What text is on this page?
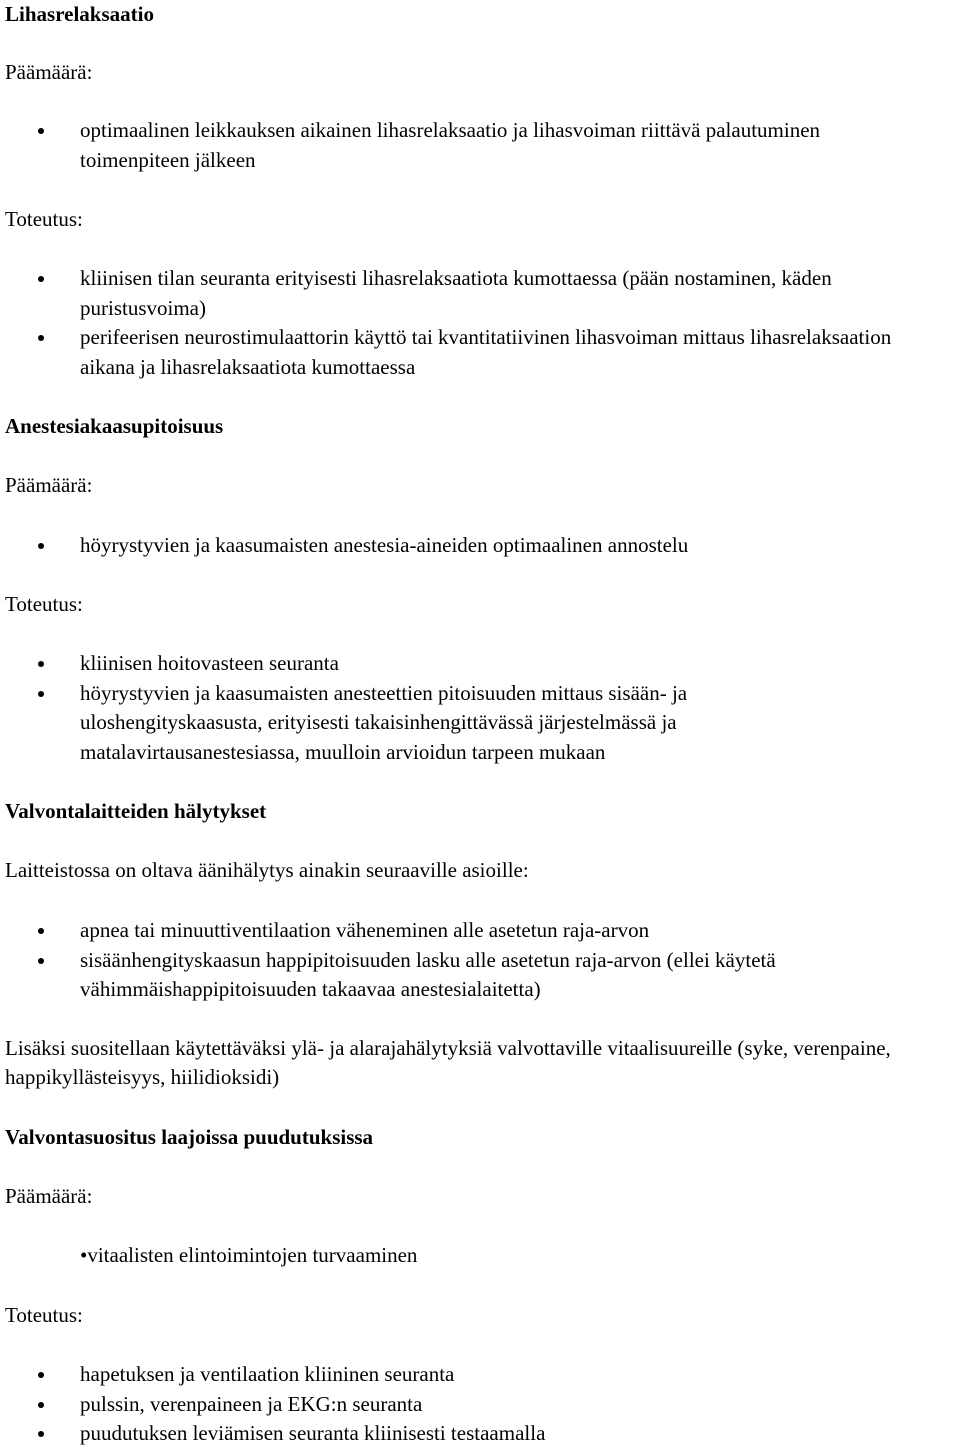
Lihasrelaksaatio

Päämäärä:

optimaalinen leikkauksen aikainen lihasrelaksaatio ja lihasvoiman riittävä palautuminen toimenpiteen jälkeen

Toteutus:

kliinisen tilan seuranta erityisesti lihasrelaksaatiota kumottaessa (pään nostaminen, käden puristusvoima)
perifeerisen neurostimulaattorin käyttö tai kvantitatiivinen lihasvoiman mittaus lihasrelaksaation aikana ja lihasrelaksaatiota kumottaessa

Anestesiakaasupitoisuus

Päämäärä:

höyrystyvien ja kaasumaisten anestesia-aineiden optimaalinen annostelu

Toteutus:

kliinisen hoitovasteen seuranta
höyrystyvien ja kaasumaisten anesteettien pitoisuuden mittaus sisään- ja uloshengityskaasusta, erityisesti takaisinhengittävässä järjestelmässä ja matalavirtausanestesiassa, muulloin arvioidun tarpeen mukaan

Valvontalaitteiden hälytykset

Laitteistossa on oltava äänihälytys ainakin seuraaville asioille:

apnea tai minuuttiventilaation väheneminen alle asetetun raja-arvon
sisäänhengityskaasun happipitoisuuden lasku alle asetetun raja-arvon (ellei käytetä vähimmäishappipitoisuuden takaavaa anestesialaitetta)

Lisäksi suositellaan käytettäväksi ylä- ja alarajahälytyksiä valvottaville vitaalisuureille (syke, verenpaine, happikyllästeisyys, hiilidioksidi)

Valvontasuositus laajoissa puudutuksissa

Päämäärä:

•vitaalisten elintoimintojen turvaaminen

Toteutus:

hapetuksen ja ventilaation kliininen seuranta
pulssin, verenpaineen ja EKG:n seuranta
puudutuksen leviämisen seuranta kliinisesti testaamalla
